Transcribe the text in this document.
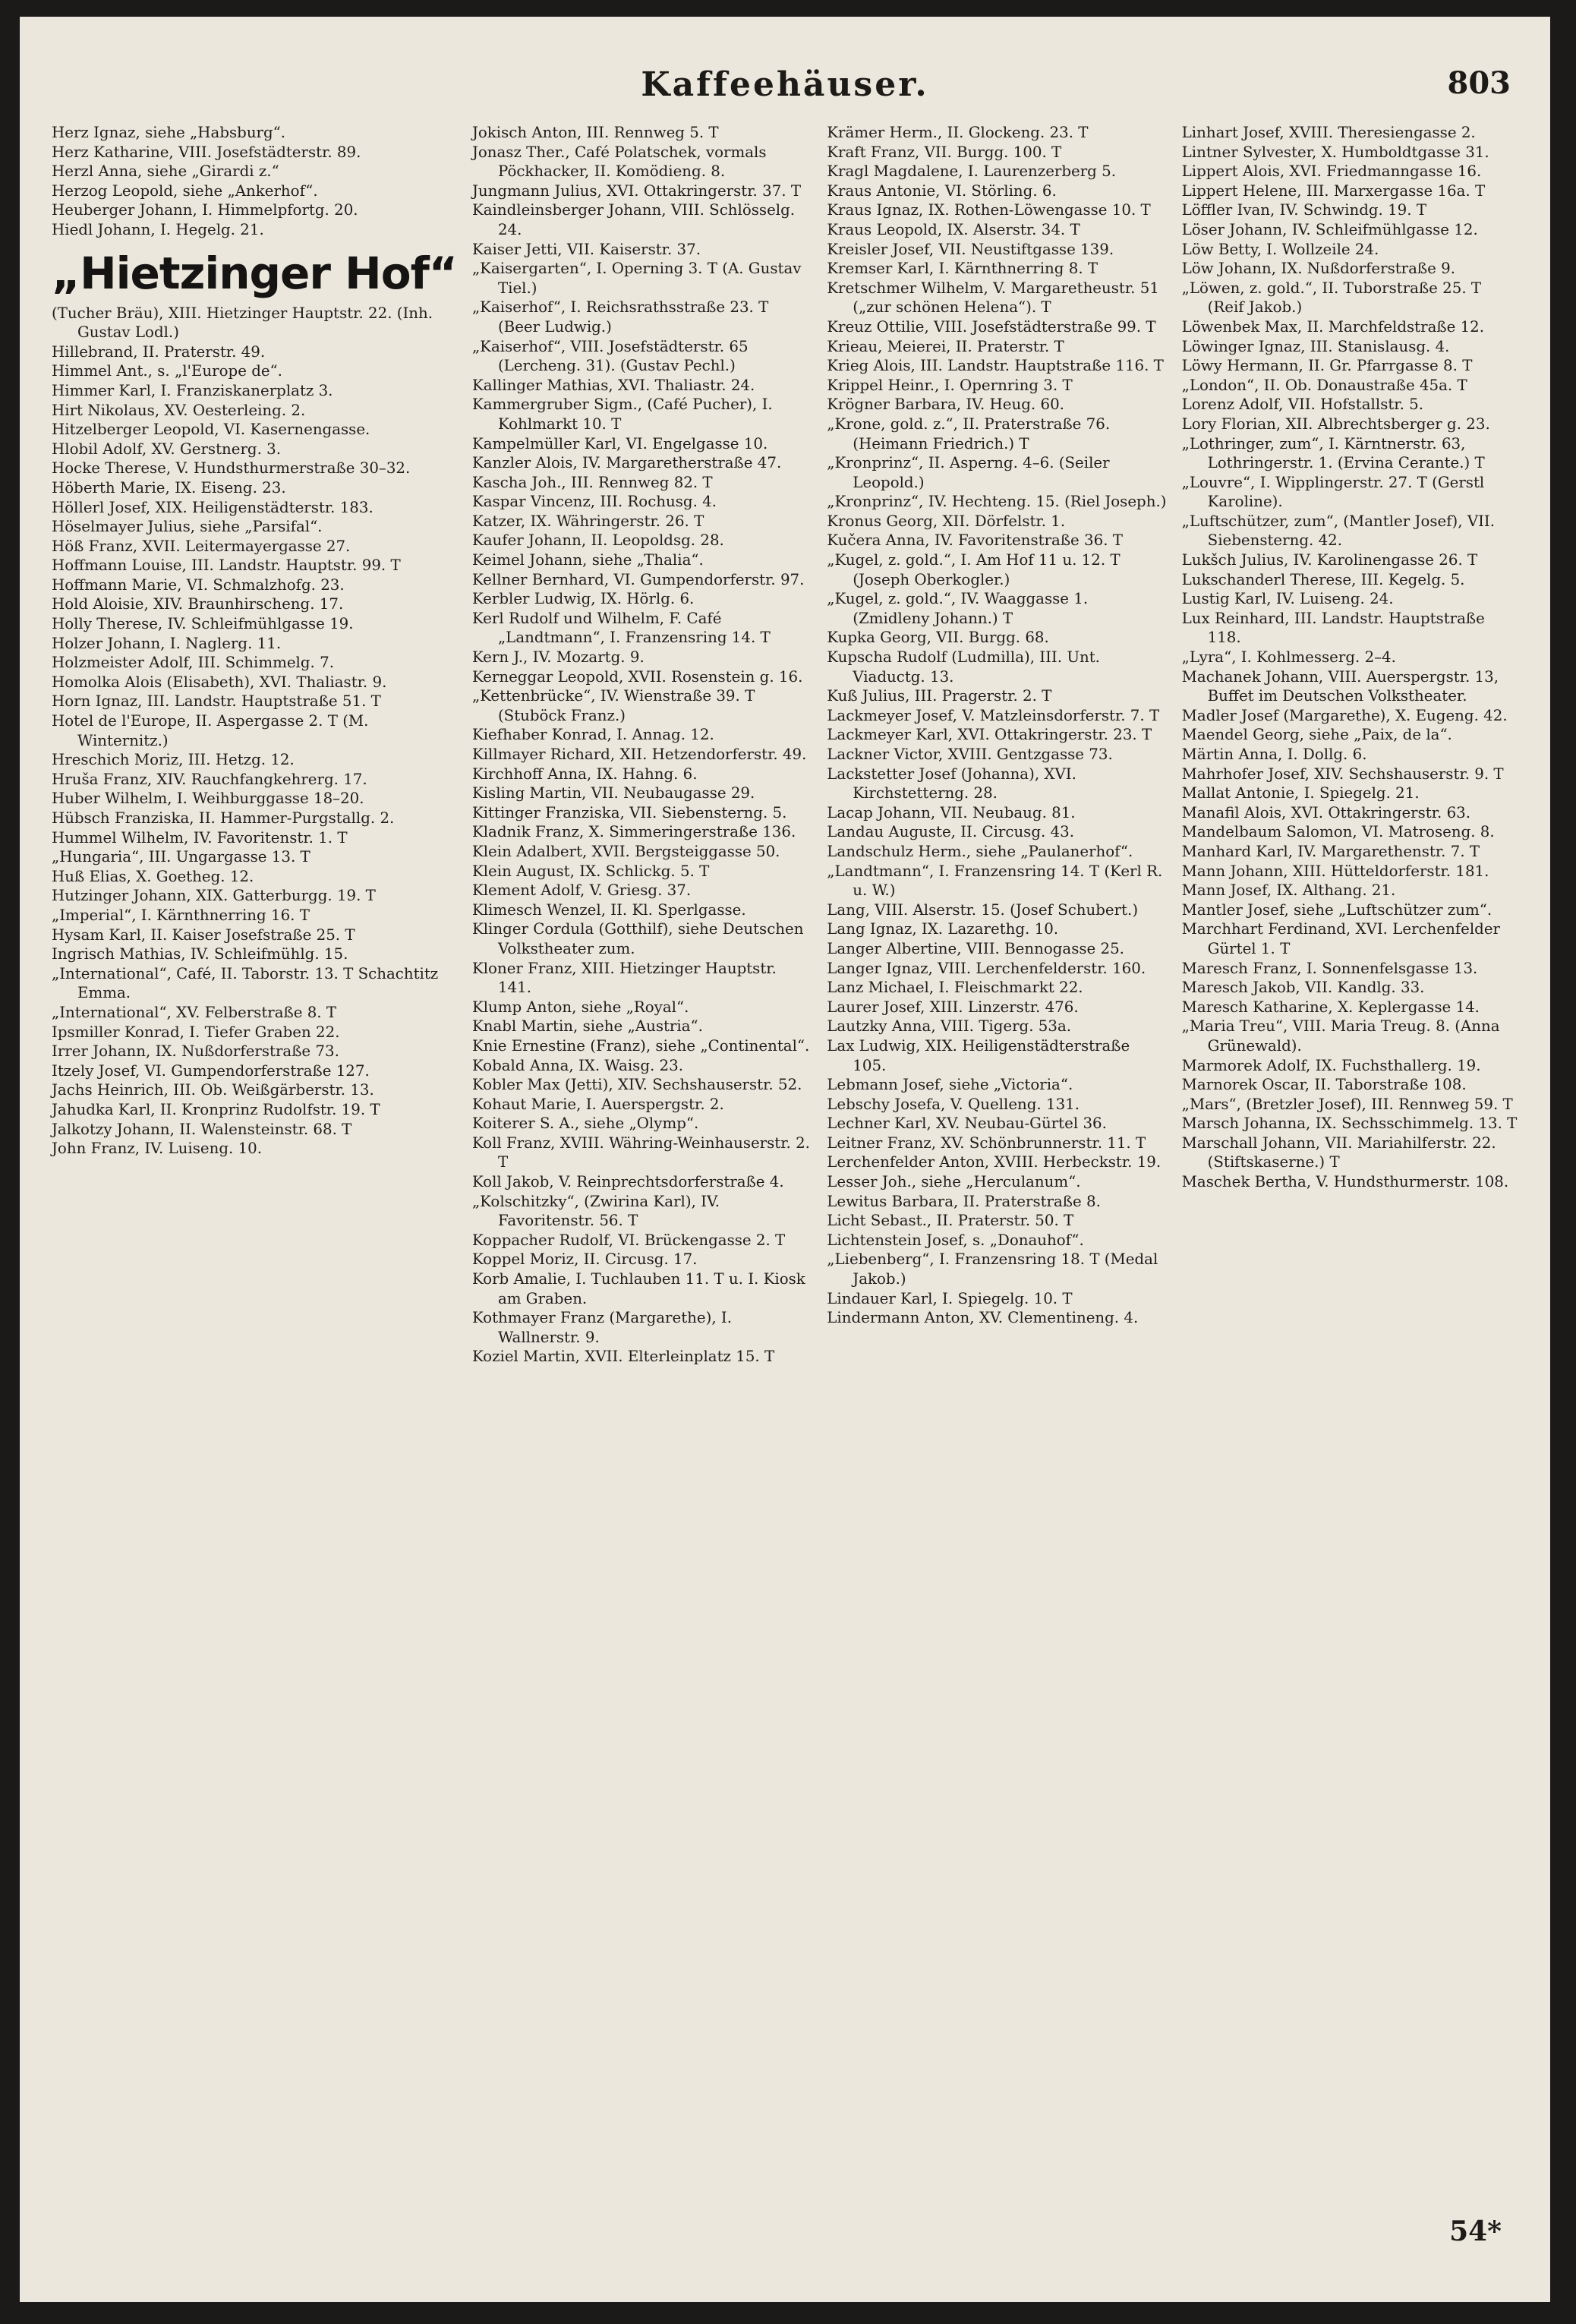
Kaffeehäuser.	803
Herz Ignaz, siehe „Habsburg“.
Herz Katharine, VIII. Josefstädterstr. 89.
Herzl Anna, siehe „Girardi z.“
Herzog Leopold, siehe „Ankerhof“.
Heuberger Johann, I. Himmelpfortg. 20.
Hiedl Johann, I. Hegelg. 21.
„Hietzinger Hof“
(Tucher Bräu), XIII. Hietzinger Hauptstr. 22. (Inh. Gustav Lodl.)
Hillebrand, II. Praterstr. 49.
Himmel Ant., s. „l'Europe de“.
Himmer Karl, I. Franziskanerplatz 3.
Hirt Nikolaus, XV. Oesterleing. 2.
Hitzelberger Leopold, VI. Kasernengasse.
Hlobil Adolf, XV. Gerstnerg. 3.
Hocke Therese, V. Hundsthurmerstraße 30–32.
Höberth Marie, IX. Eiseng. 23.
Höllerl Josef, XIX. Heiligenstädterstr. 183.
Höselmayer Julius, siehe „Parsifal“.
Höß Franz, XVII. Leitermayergasse 27.
Hoffmann Louise, III. Landstr. Hauptstr. 99. T
Hoffmann Marie, VI. Schmalzhofg. 23.
Hold Aloisie, XIV. Braunhirscheng. 17.
Holly Therese, IV. Schleifmühlgasse 19.
Holzer Johann, I. Naglerg. 11.
Holzmeister Adolf, III. Schimmelg. 7.
Homolka Alois (Elisabeth), XVI. Thaliastr. 9.
Horn Ignaz, III. Landstr. Hauptstraße 51. T
Hotel de l'Europe, II. Aspergasse 2. T (M. Winternitz.)
Hreschich Moriz, III. Hetzg. 12.
Hruša Franz, XIV. Rauchfangkehrerg. 17.
Huber Wilhelm, I. Weihburggasse 18–20.
Hübsch Franziska, II. Hammer-Purgstallg. 2.
Hummel Wilhelm, IV. Favoritenstr. 1. T
„Hungaria“, III. Ungargasse 13. T
Huß Elias, X. Goetheg. 12.
Hutzinger Johann, XIX. Gatterburgg. 19. T
„Imperial“, I. Kärnthnerring 16. T
Hysam Karl, II. Kaiser Josefstraße 25. T
Ingrisch Mathias, IV. Schleifmühlg. 15.
„International“, Café, II. Taborstr. 13. T Schachtitz Emma.
„International“, XV. Felberstraße 8. T
Ipsmiller Konrad, I. Tiefer Graben 22.
Irrer Johann, IX. Nußdorferstraße 73.
Itzely Josef, VI. Gumpendorferstraße 127.
Jachs Heinrich, III. Ob. Weißgärberstr. 13.
Jahudka Karl, II. Kronprinz Rudolfstr. 19. T
Jalkotzy Johann, II. Walensteinstr. 68. T
John Franz, IV. Luiseng. 10.
Jokisch Anton, III. Rennweg 5. T
Jonasz Ther., Café Polatschek, vormals Pöckhacker, II. Komödieng. 8.
Jungmann Julius, XVI. Ottakringerstr. 37. T
Kaindleinsberger Johann, VIII. Schlösselg. 24.
Kaiser Jetti, VII. Kaiserstr. 37.
„Kaisergarten“, I. Operning 3. T (A. Gustav Tiel.)
„Kaiserhof“, I. Reichsrathsstraße 23. T (Beer Ludwig.)
„Kaiserhof“, VIII. Josefstädterstr. 65 (Lercheng. 31). (Gustav Pechl.)
Kallinger Mathias, XVI. Thaliastr. 24.
Kammergruber Sigm., (Café Pucher), I. Kohlmarkt 10. T
Kampelmüller Karl, VI. Engelgasse 10.
Kanzler Alois, IV. Margaretherstraße 47.
Kascha Joh., III. Rennweg 82. T
Kaspar Vincenz, III. Rochusg. 4.
Katzer, IX. Währingerstr. 26. T
Kaufer Johann, II. Leopoldsg. 28.
Keimel Johann, siehe „Thalia“.
Kellner Bernhard, VI. Gumpendorferstr. 97.
Kerbler Ludwig, IX. Hörlg. 6.
Kerl Rudolf und Wilhelm, F. Café „Landtmann“, I. Franzensring 14. T
Kern J., IV. Mozartg. 9.
Kerneggar Leopold, XVII. Rosenstein g. 16.
„Kettenbrücke“, IV. Wienstraße 39. T (Stuböck Franz.)
Kiefhaber Konrad, I. Annag. 12.
Killmayer Richard, XII. Hetzendorferstr. 49.
Kirchhoff Anna, IX. Hahng. 6.
Kisling Martin, VII. Neubaugasse 29.
Kittinger Franziska, VII. Siebensterng. 5.
Kladnik Franz, X. Simmeringerstraße 136.
Klein Adalbert, XVII. Bergsteiggasse 50.
Klein August, IX. Schlickg. 5. T
Klement Adolf, V. Griesg. 37.
Klimesch Wenzel, II. Kl. Sperlgasse.
Klinger Cordula (Gotthilf), siehe Deutschen Volkstheater zum.
Kloner Franz, XIII. Hietzinger Hauptstr. 141.
Klump Anton, siehe „Royal“.
Knabl Martin, siehe „Austria“.
Knie Ernestine (Franz), siehe „Continental“.
Kobald Anna, IX. Waisg. 23.
Kobler Max (Jetti), XIV. Sechshauserstr. 52.
Kohaut Marie, I. Auerspergstr. 2.
Koiterer S. A., siehe „Olymp“.
Koll Franz, XVIII. Währing-Weinhauserstr. 2. T
Koll Jakob, V. Reinprechtsdorferstraße 4.
„Kolschitzky“, (Zwirina Karl), IV. Favoritenstr. 56. T
Koppacher Rudolf, VI. Brückengasse 2. T
Koppel Moriz, II. Circusg. 17.
Korb Amalie, I. Tuchlauben 11. T u. I. Kiosk am Graben.
Kothmayer Franz (Margarethe), I. Wallnerstr. 9.
Koziel Martin, XVII. Elterleinplatz 15. T
Krämer Herm., II. Glockeng. 23. T
Kraft Franz, VII. Burgg. 100. T
Kragl Magdalene, I. Laurenzerberg 5.
Kraus Antonie, VI. Störling. 6.
Kraus Ignaz, IX. Rothen-Löwengasse 10. T
Kraus Leopold, IX. Alserstr. 34. T
Kreisler Josef, VII. Neustiftgasse 139.
Kremser Karl, I. Kärnthnerring 8. T
Kretschmer Wilhelm, V. Margaretheustr. 51 („zur schönen Helena“). T
Kreuz Ottilie, VIII. Josefstädterstraße 99. T
Krieau, Meierei, II. Praterstr. T
Krieg Alois, III. Landstr. Hauptstraße 116. T
Krippel Heinr., I. Opernring 3. T
Krögner Barbara, IV. Heug. 60.
„Krone, gold. z.“, II. Praterstraße 76. (Heimann Friedrich.) T
„Kronprinz“, II. Asperng. 4–6. (Seiler Leopold.)
„Kronprinz“, IV. Hechteng. 15. (Riel Joseph.)
Kronus Georg, XII. Dörfelstr. 1.
Kučera Anna, IV. Favoritenstraße 36. T
„Kugel, z. gold.“, I. Am Hof 11 u. 12. T (Joseph Oberkogler.)
„Kugel, z. gold.“, IV. Waaggasse 1. (Zmidleny Johann.) T
Kupka Georg, VII. Burgg. 68.
Kupscha Rudolf (Ludmilla), III. Unt. Viaductg. 13.
Kuß Julius, III. Pragerstr. 2. T
Lackmeyer Josef, V. Matzleinsdorferstr. 7. T
Lackmeyer Karl, XVI. Ottakringerstr. 23. T
Lackner Victor, XVIII. Gentzgasse 73.
Lackstetter Josef (Johanna), XVI. Kirchstetterng. 28.
Lacap Johann, VII. Neubaug. 81.
Landau Auguste, II. Circusg. 43.
Landschulz Herm., siehe „Paulanerhof“.
„Landtmann“, I. Franzensring 14. T (Kerl R. u. W.)
Lang, VIII. Alserstr. 15. (Josef Schubert.)
Lang Ignaz, IX. Lazarethg. 10.
Langer Albertine, VIII. Bennogasse 25.
Langer Ignaz, VIII. Lerchenfelderstr. 160.
Lanz Michael, I. Fleischmarkt 22.
Laurer Josef, XIII. Linzerstr. 476.
Lautzky Anna, VIII. Tigerg. 53a.
Lax Ludwig, XIX. Heiligenstädterstraße 105.
Lebmann Josef, siehe „Victoria“.
Lebschy Josefa, V. Quelleng. 131.
Lechner Karl, XV. Neubau-Gürtel 36.
Leitner Franz, XV. Schönbrunnerstr. 11. T
Lerchenfelder Anton, XVIII. Herbeckstr. 19.
Lesser Joh., siehe „Herculanum“.
Lewitus Barbara, II. Praterstraße 8.
Licht Sebast., II. Praterstr. 50. T
Lichtenstein Josef, s. „Donauhof“.
„Liebenberg“, I. Franzensring 18. T (Medal Jakob.)
Lindauer Karl, I. Spiegelg. 10. T
Lindermann Anton, XV. Clementineng. 4.
Linhart Josef, XVIII. Theresiengasse 2.
Lintner Sylvester, X. Humboldtgasse 31.
Lippert Alois, XVI. Friedmanngasse 16.
Lippert Helene, III. Marxergasse 16a. T
Löffler Ivan, IV. Schwindg. 19. T
Löser Johann, IV. Schleifmühlgasse 12.
Löw Betty, I. Wollzeile 24.
Löw Johann, IX. Nußdorferstraße 9.
„Löwen, z. gold.“, II. Tuborstraße 25. T (Reif Jakob.)
Löwenbek Max, II. Marchfeldstraße 12.
Löwinger Ignaz, III. Stanislausg. 4.
Löwy Hermann, II. Gr. Pfarrgasse 8. T
„London“, II. Ob. Donaustraße 45a. T
Lorenz Adolf, VII. Hofstallstr. 5.
Lory Florian, XII. Albrechtsberger g. 23.
„Lothringer, zum“, I. Kärntnerstr. 63, Lothringerstr. 1. (Ervina Cerante.) T
„Louvre“, I. Wipplingerstr. 27. T (Gerstl Karoline).
„Luftschützer, zum“, (Mantler Josef), VII. Siebensterng. 42.
Lukšch Julius, IV. Karolinengasse 26. T
Lukschanderl Therese, III. Kegelg. 5.
Lustig Karl, IV. Luiseng. 24.
Lux Reinhard, III. Landstr. Hauptstraße 118.
„Lyra“, I. Kohlmesserg. 2–4.
Machanek Johann, VIII. Auerspergstr. 13, Buffet im Deutschen Volkstheater.
Madler Josef (Margarethe), X. Eugeng. 42.
Maendel Georg, siehe „Paix, de la“.
Märtin Anna, I. Dollg. 6.
Mahrhofer Josef, XIV. Sechshauserstr. 9. T
Mallat Antonie, I. Spiegelg. 21.
Manafil Alois, XVI. Ottakringerstr. 63.
Mandelbaum Salomon, VI. Matroseng. 8.
Manhard Karl, IV. Margarethenstr. 7. T
Mann Johann, XIII. Hütteldorferstr. 181.
Mann Josef, IX. Althang. 21.
Mantler Josef, siehe „Luftschützer zum“.
Marchhart Ferdinand, XVI. Lerchenfelder Gürtel 1. T
Maresch Franz, I. Sonnenfelsgasse 13.
Maresch Jakob, VII. Kandlg. 33.
Maresch Katharine, X. Keplergasse 14.
„Maria Treu“, VIII. Maria Treug. 8. (Anna Grünewald).
Marmorek Adolf, IX. Fuchsthallerg. 19.
Marnorek Oscar, II. Taborstraße 108.
„Mars“, (Bretzler Josef), III. Rennweg 59. T
Marsch Johanna, IX. Sechsschimmelg. 13. T
Marschall Johann, VII. Mariahilferstr. 22. (Stiftskaserne.) T
Maschek Bertha, V. Hundsthurmerstr. 108.
54*
